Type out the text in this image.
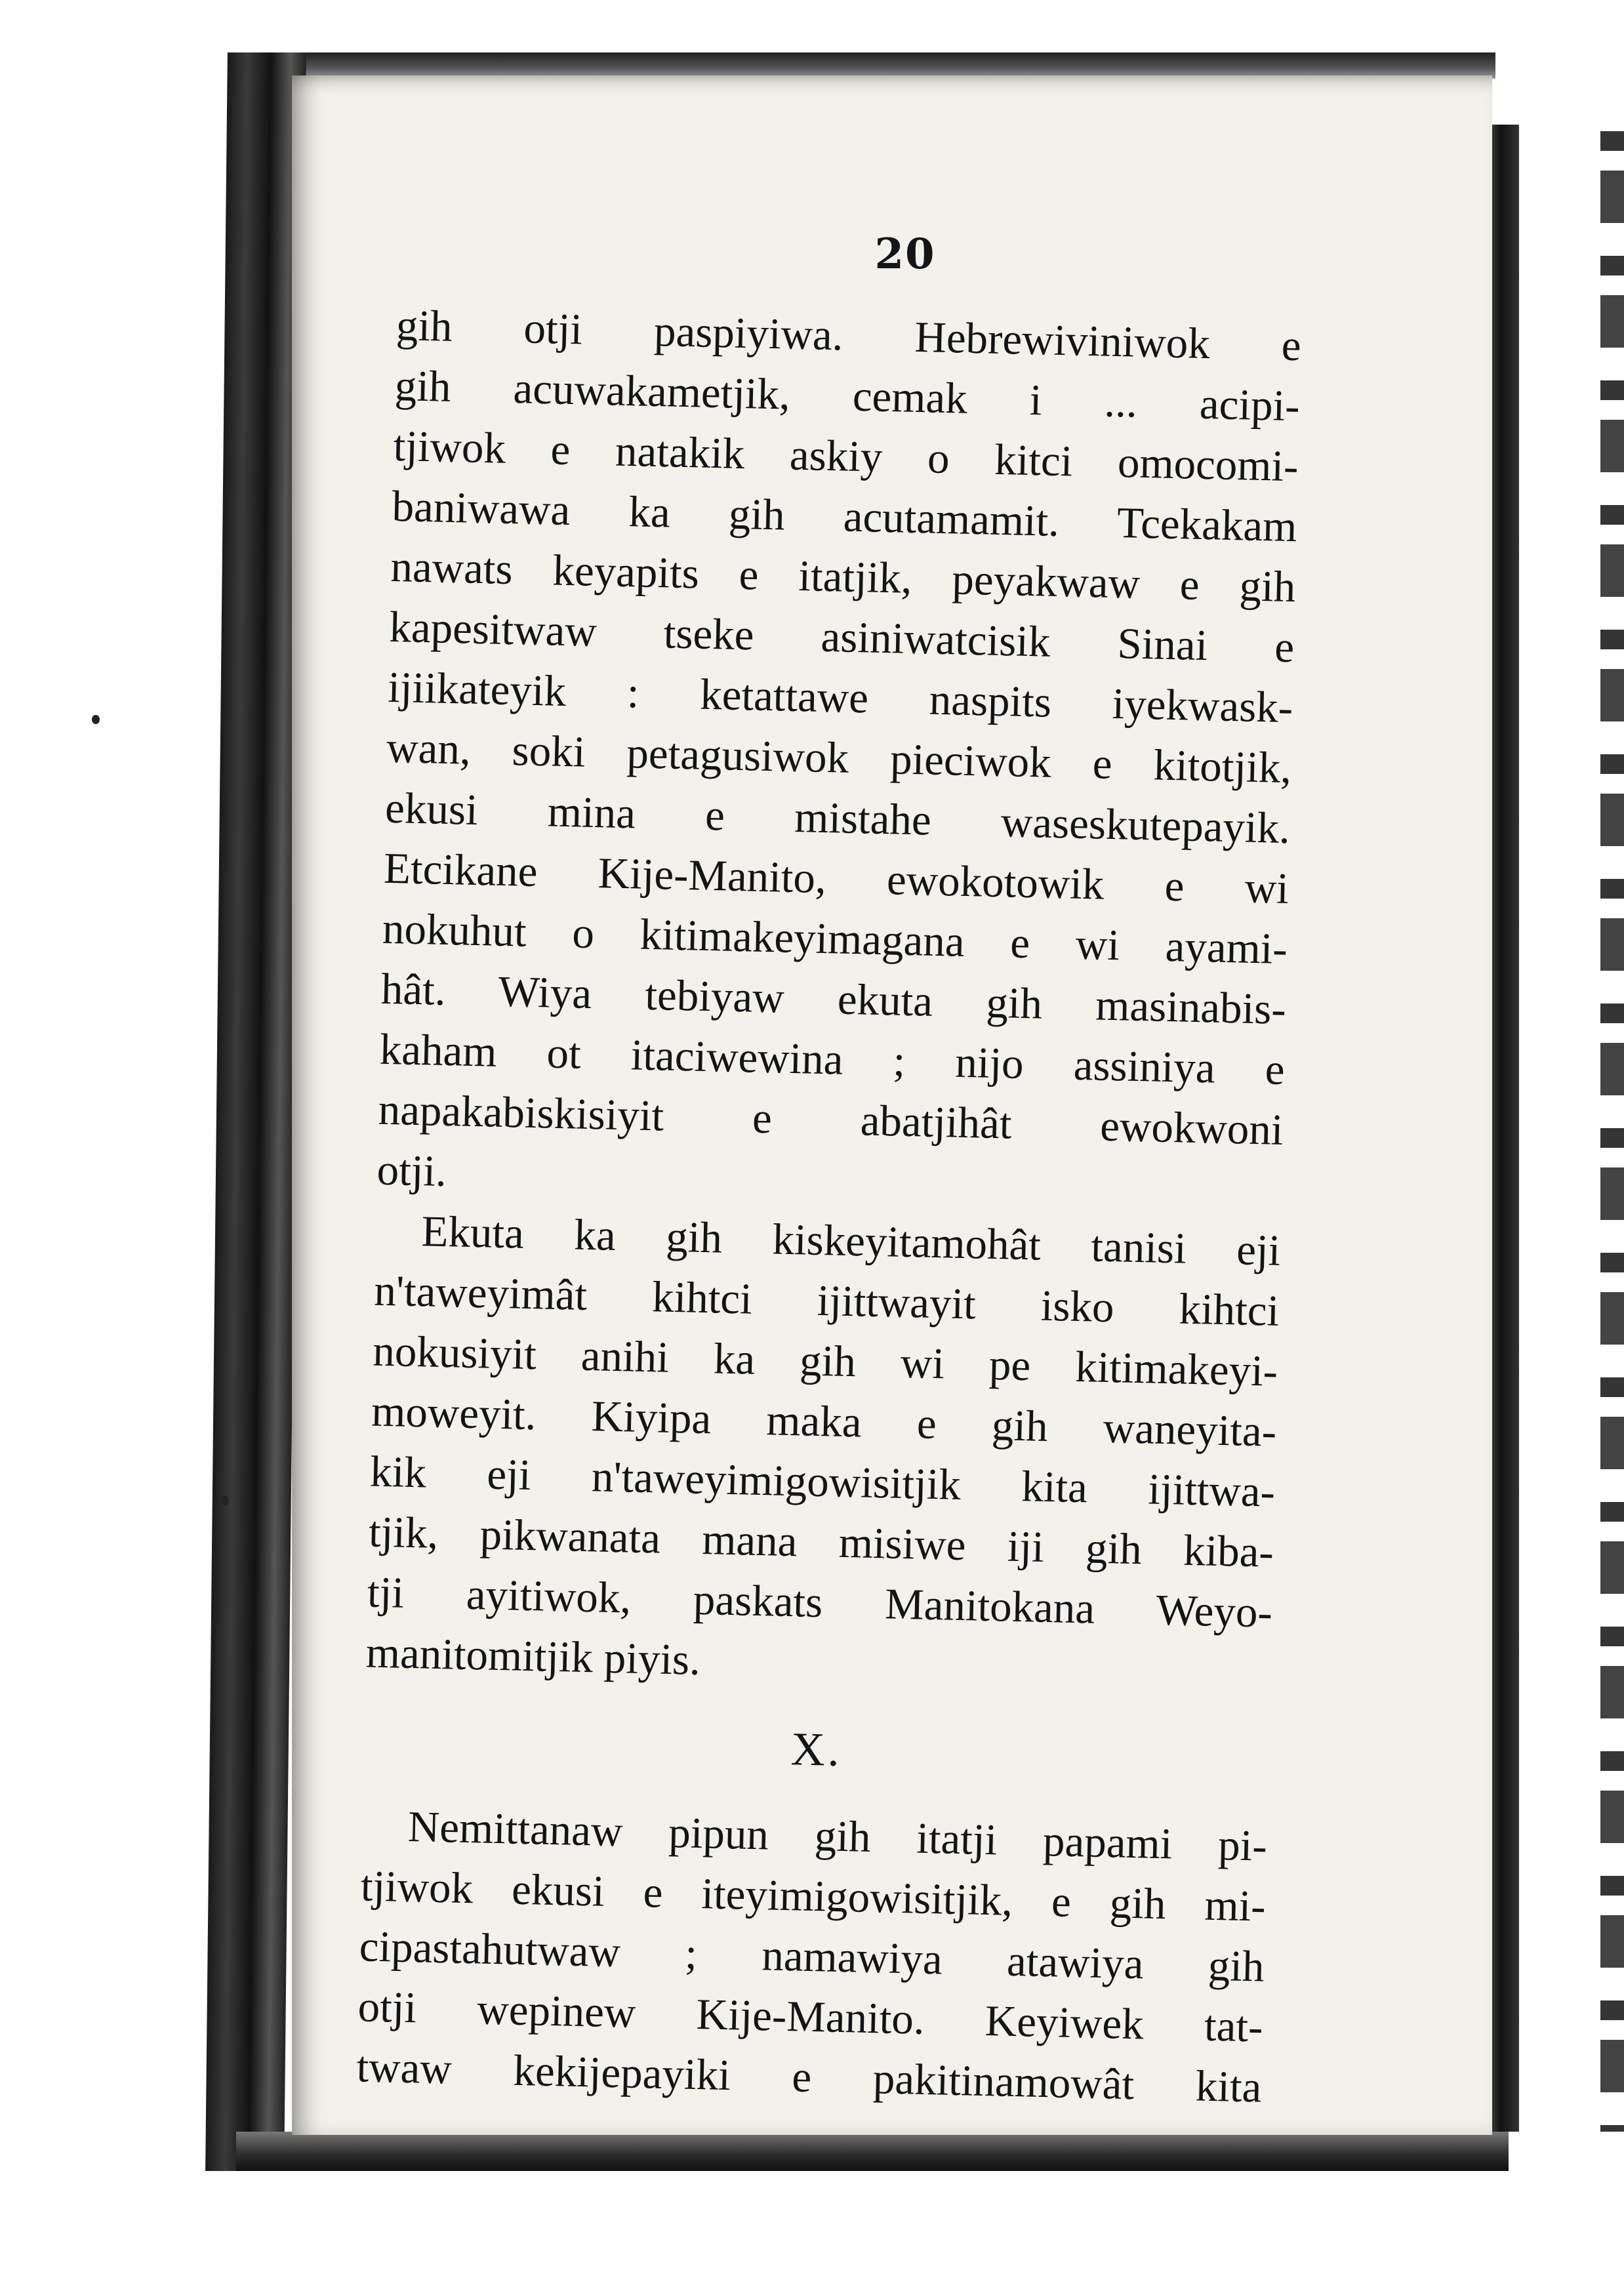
20
gih otji paspiyiwa. Hebrewiviniwok e
gih acuwakametjik, cemak i ... acipi-
tjiwok e natakik askiy o kitci omocomi-
baniwawa ka gih acutamamit. Tcekakam
nawats keyapits e itatjik, peyakwaw e gih
kapesitwaw tseke asiniwatcisik Sinai e
ijiikateyik : ketattawe naspits iyekwask-
wan, soki petagusiwok pieciwok e kitotjik,
ekusi mina e mistahe waseskutepayik.
Etcikane Kije-Manito, ewokotowik e wi
nokuhut o kitimakeyimagana e wi ayami-
hât. Wiya tebiyaw ekuta gih masinabis-
kaham ot itaciwewina ; nijo assiniya e
napakabiskisiyit e abatjihât ewokwoni
otji.
Ekuta ka gih kiskeyitamohât tanisi eji
n'taweyimât kihtci ijittwayit isko kihtci
nokusiyit anihi ka gih wi pe kitimakeyi-
moweyit. Kiyipa maka e gih waneyita-
kik eji n'taweyimigowisitjik kita ijittwa-
tjik, pikwanata mana misiwe iji gih kiba-
tji ayitiwok, paskats Manitokana Weyo-
manitomitjik piyis.
X.
Nemittanaw pipun gih itatji papami pi-
tjiwok ekusi e iteyimigowisitjik, e gih mi-
cipastahutwaw ; namawiya atawiya gih
otji wepinew Kije-Manito. Keyiwek tat-
twaw kekijepayiki e pakitinamowât kita
